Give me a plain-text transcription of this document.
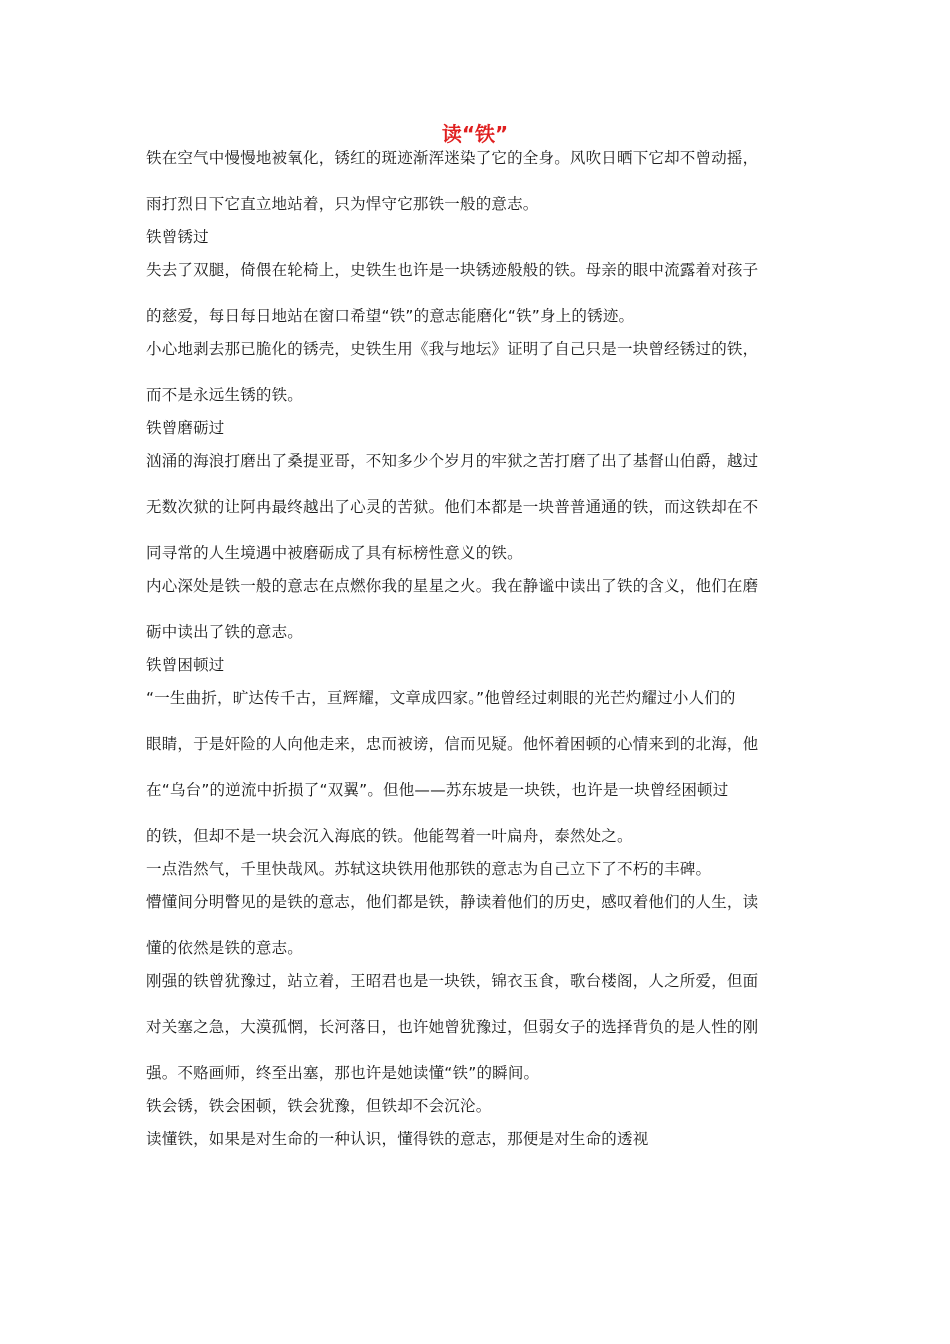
读“铁”

铁在空气中慢慢地被氧化，锈红的斑迹渐浑迷染了它的全身。风吹日晒下它却不曾动摇，

雨打烈日下它直立地站着，只为悍守它那铁一般的意志。

铁曾锈过

失去了双腿，倚偎在轮椅上，史铁生也许是一块锈迹般般的铁。母亲的眼中流露着对孩子

的慈爱，每日每日地站在窗口希望“铁”的意志能磨化“铁”身上的锈迹。

小心地剥去那已脆化的锈壳，史铁生用《我与地坛》证明了自己只是一块曾经锈过的铁，

而不是永远生锈的铁。

铁曾磨砺过

汹涌的海浪打磨出了桑提亚哥，不知多少个岁月的牢狱之苦打磨了出了基督山伯爵，越过

无数次狱的让阿冉最终越出了心灵的苦狱。他们本都是一块普普通通的铁，而这铁却在不

同寻常的人生境遇中被磨砺成了具有标榜性意义的铁。

内心深处是铁一般的意志在点燃你我的星星之火。我在静谧中读出了铁的含义，他们在磨

砺中读出了铁的意志。

铁曾困顿过

“一生曲折，旷达传千古，亘辉耀，文章成四家。”他曾经过刺眼的光芒灼耀过小人们的

眼睛，于是奸险的人向他走来，忠而被谤，信而见疑。他怀着困顿的心情来到的北海，他

在“乌台”的逆流中折损了“双翼”。但他——苏东坡是一块铁，也许是一块曾经困顿过

的铁，但却不是一块会沉入海底的铁。他能驾着一叶扁舟，泰然处之。

一点浩然气，千里快哉风。苏轼这块铁用他那铁的意志为自己立下了不朽的丰碑。

懵懂间分明瞥见的是铁的意志，他们都是铁，静读着他们的历史，感叹着他们的人生，读

懂的依然是铁的意志。

刚强的铁曾犹豫过，站立着，王昭君也是一块铁，锦衣玉食，歌台楼阁，人之所爱，但面

对关塞之急，大漠孤惘，长河落日，也许她曾犹豫过，但弱女子的选择背负的是人性的刚

强。不赂画师，终至出塞，那也许是她读懂“铁”的瞬间。

铁会锈，铁会困顿，铁会犹豫，但铁却不会沉沦。

读懂铁，如果是对生命的一种认识，懂得铁的意志，那便是对生命的透视
